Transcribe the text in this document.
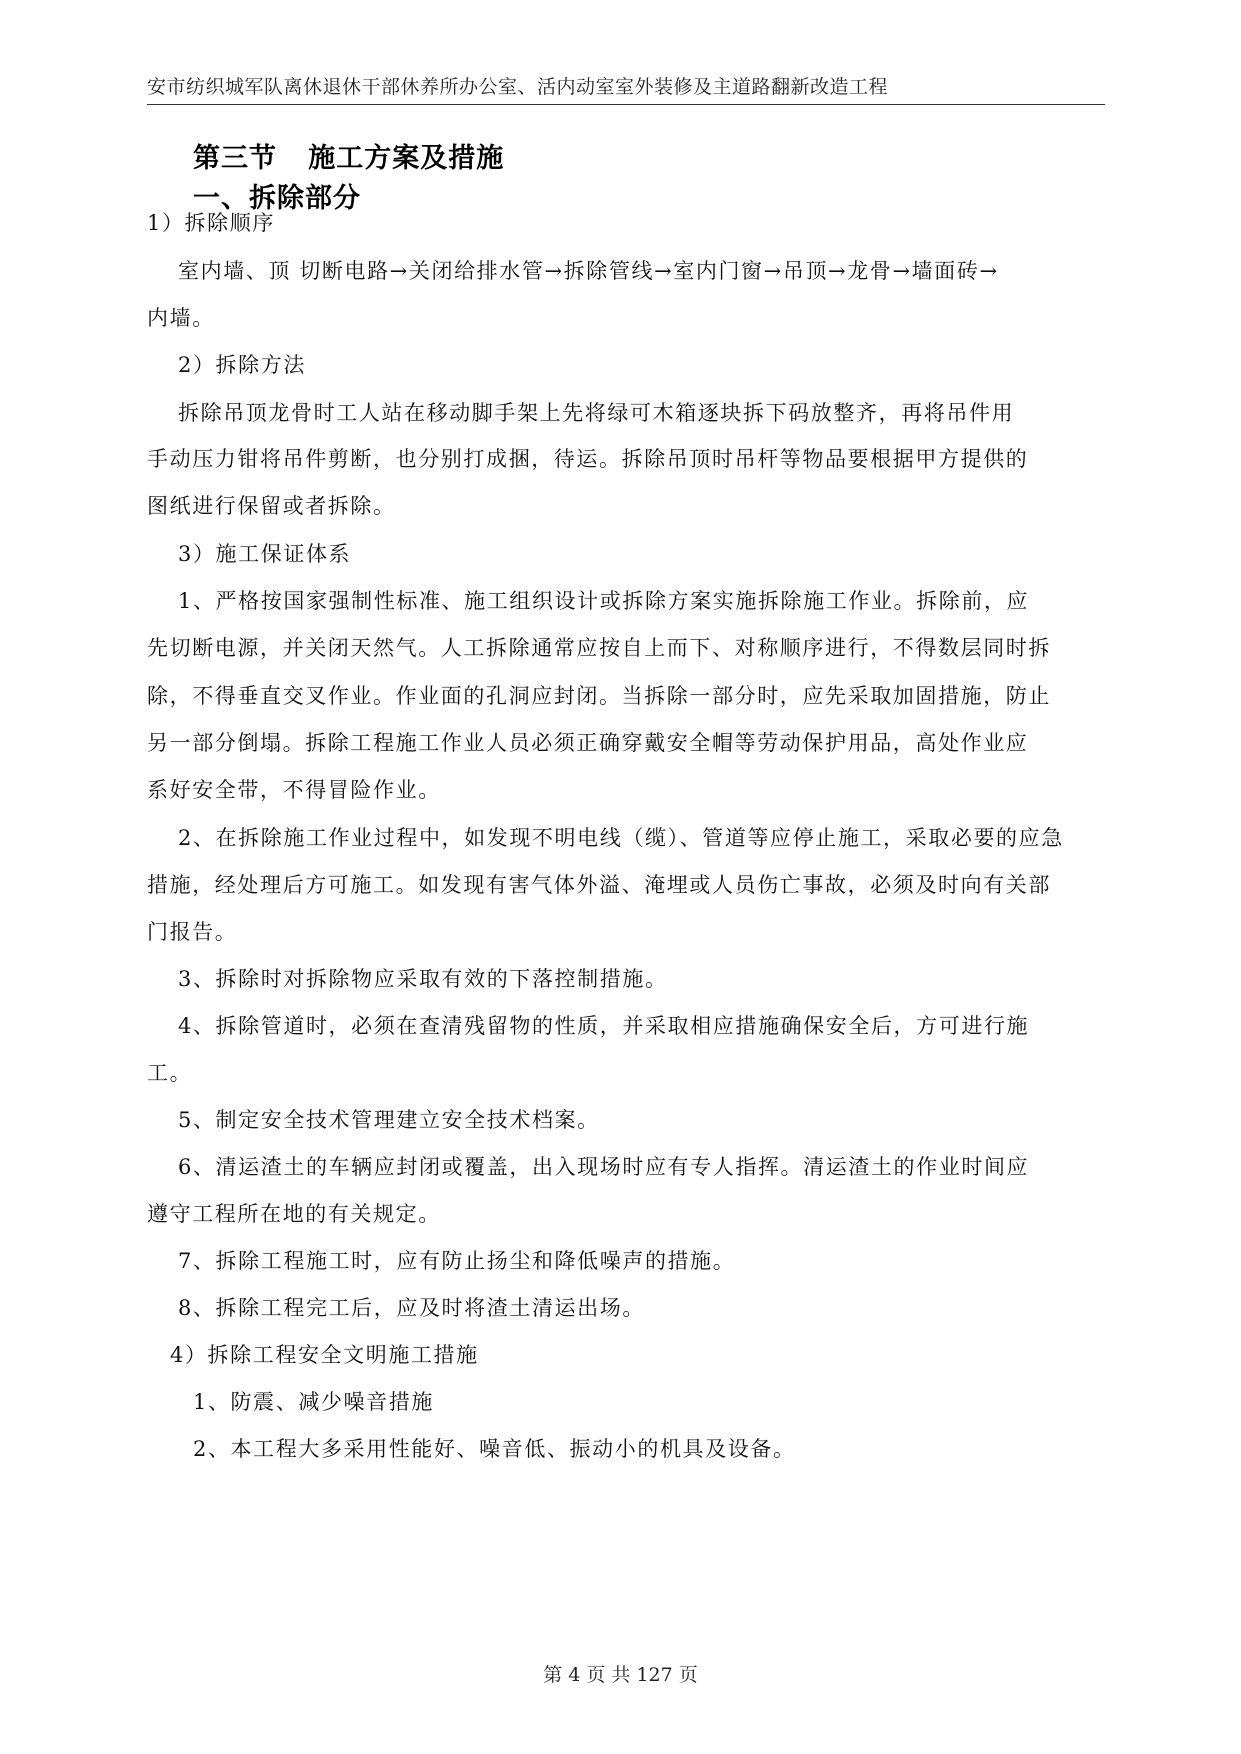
安市纺织城军队离休退休干部休养所办公室、活内动室室外装修及主道路翻新改造工程
第三节   施工方案及措施
一、拆除部分
1）拆除顺序
室内墙、顶 切断电路→关闭给排水管→拆除管线→室内门窗→吊顶→龙骨→墙面砖→
内墙。
2）拆除方法
拆除吊顶龙骨时工人站在移动脚手架上先将绿可木箱逐块拆下码放整齐，再将吊件用
手动压力钳将吊件剪断，也分别打成捆，待运。拆除吊顶时吊杆等物品要根据甲方提供的
图纸进行保留或者拆除。
3）施工保证体系
1、严格按国家强制性标准、施工组织设计或拆除方案实施拆除施工作业。拆除前，应
先切断电源，并关闭天然气。人工拆除通常应按自上而下、对称顺序进行，不得数层同时拆
除，不得垂直交叉作业。作业面的孔洞应封闭。当拆除一部分时，应先采取加固措施，防止
另一部分倒塌。拆除工程施工作业人员必须正确穿戴安全帽等劳动保护用品，高处作业应
系好安全带，不得冒险作业。
2、在拆除施工作业过程中，如发现不明电线（缆）、管道等应停止施工，采取必要的应急
措施，经处理后方可施工。如发现有害气体外溢、淹埋或人员伤亡事故，必须及时向有关部
门报告。
3、拆除时对拆除物应采取有效的下落控制措施。
4、拆除管道时，必须在查清残留物的性质，并采取相应措施确保安全后，方可进行施
工。
5、制定安全技术管理建立安全技术档案。
6、清运渣土的车辆应封闭或覆盖，出入现场时应有专人指挥。清运渣土的作业时间应
遵守工程所在地的有关规定。
7、拆除工程施工时，应有防止扬尘和降低噪声的措施。
8、拆除工程完工后，应及时将渣土清运出场。
4）拆除工程安全文明施工措施
1、防震、减少噪音措施
2、本工程大多采用性能好、噪音低、振动小的机具及设备。
第 4 页 共 127 页
